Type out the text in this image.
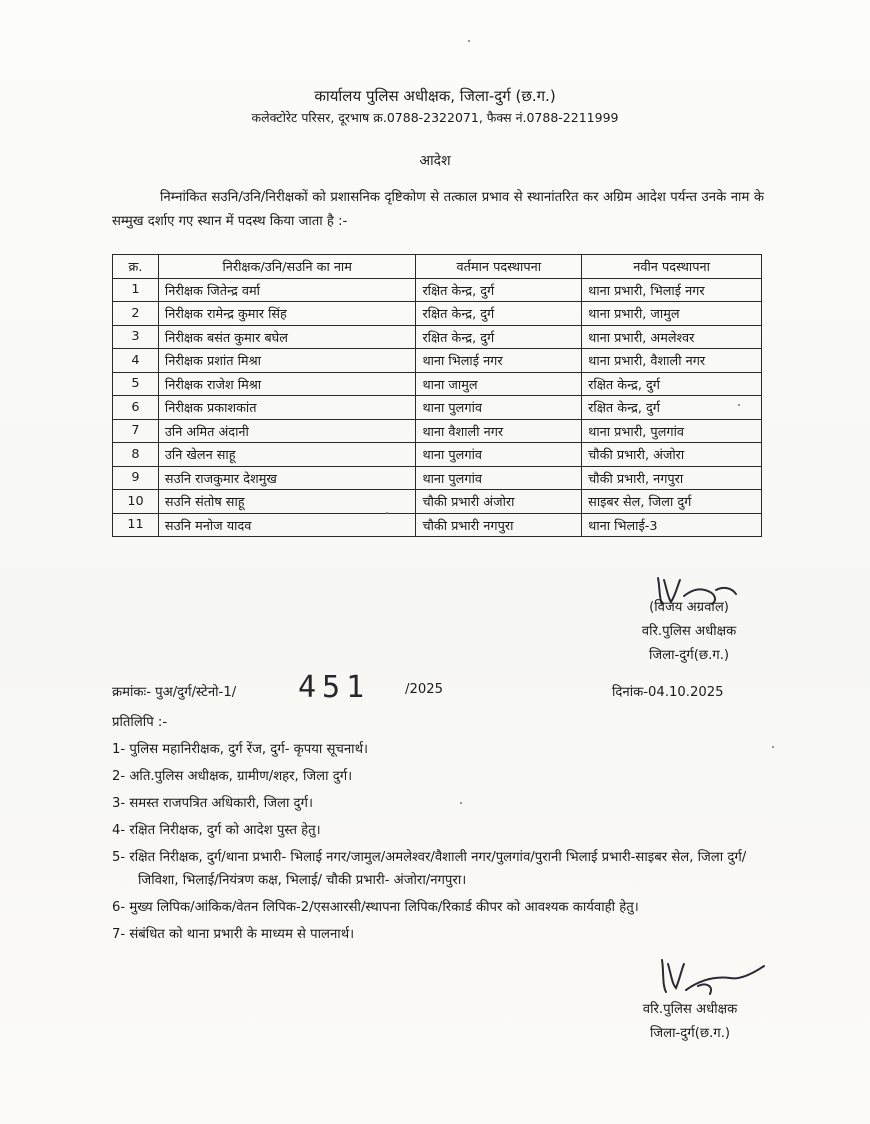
कार्यालय पुलिस अधीक्षक, जिला-दुर्ग (छ.ग.)
कलेक्टोरेट परिसर, दूरभाष क्र.0788-2322071, फैक्स नं.0788-2211999
आदेश
निम्नांकित सउनि/उनि/निरीक्षकों को प्रशासनिक दृष्टिकोण से तत्काल प्रभाव से स्थानांतरित कर अग्रिम आदेश पर्यन्त उनके नाम के सम्मुख दर्शाए गए स्थान में पदस्थ किया जाता है :-
क्र.	निरीक्षक/उनि/सउनि का नाम	वर्तमान पदस्थापना	नवीन पदस्थापना
1	निरीक्षक जितेन्द्र वर्मा	रक्षित केन्द्र, दुर्ग	थाना प्रभारी, भिलाई नगर
2	निरीक्षक रामेन्द्र कुमार सिंह	रक्षित केन्द्र, दुर्ग	थाना प्रभारी, जामुल
3	निरीक्षक बसंत कुमार बघेल	रक्षित केन्द्र, दुर्ग	थाना प्रभारी, अमलेश्वर
4	निरीक्षक प्रशांत मिश्रा	थाना भिलाई नगर	थाना प्रभारी, वैशाली नगर
5	निरीक्षक राजेश मिश्रा	थाना जामुल	रक्षित केन्द्र, दुर्ग
6	निरीक्षक प्रकाशकांत	थाना पुलगांव	रक्षित केन्द्र, दुर्ग
7	उनि अमित अंदानी	थाना वैशाली नगर	थाना प्रभारी, पुलगांव
8	उनि खेलन साहू	थाना पुलगांव	चौकी प्रभारी, अंजोरा
9	सउनि राजकुमार देशमुख	थाना पुलगांव	चौकी प्रभारी, नगपुरा
10	सउनि संतोष साहू	चौकी प्रभारी अंजोरा	साइबर सेल, जिला दुर्ग
11	सउनि मनोज यादव	चौकी प्रभारी नगपुरा	थाना भिलाई-3
(विजय अग्रवाल)
वरि.पुलिस अधीक्षक
जिला-दुर्ग(छ.ग.)
क्रमांकः- पुअ/दुर्ग/स्टेनो-1/ 451	/2025	दिनांक-04.10.2025
प्रतिलिपि :-
1- पुलिस महानिरीक्षक, दुर्ग रेंज, दुर्ग- कृपया सूचनार्थ।
2- अति.पुलिस अधीक्षक, ग्रामीण/शहर, जिला दुर्ग।
3- समस्त राजपत्रित अधिकारी, जिला दुर्ग।
4- रक्षित निरीक्षक, दुर्ग को आदेश पुस्त हेतु।
5- रक्षित निरीक्षक, दुर्ग/थाना प्रभारी- भिलाई नगर/जामुल/अमलेश्वर/वैशाली नगर/पुलगांव/पुरानी भिलाई प्रभारी-साइबर सेल, जिला दुर्ग/ जिविशा, भिलाई/नियंत्रण कक्ष, भिलाई/ चौकी प्रभारी- अंजोरा/नगपुरा।
6- मुख्य लिपिक/आंकिक/वेतन लिपिक-2/एसआरसी/स्थापना लिपिक/रिकार्ड कीपर को आवश्यक कार्यवाही हेतु।
7- संबंधित को थाना प्रभारी के माध्यम से पालनार्थ।
वरि.पुलिस अधीक्षक
जिला-दुर्ग(छ.ग.)
